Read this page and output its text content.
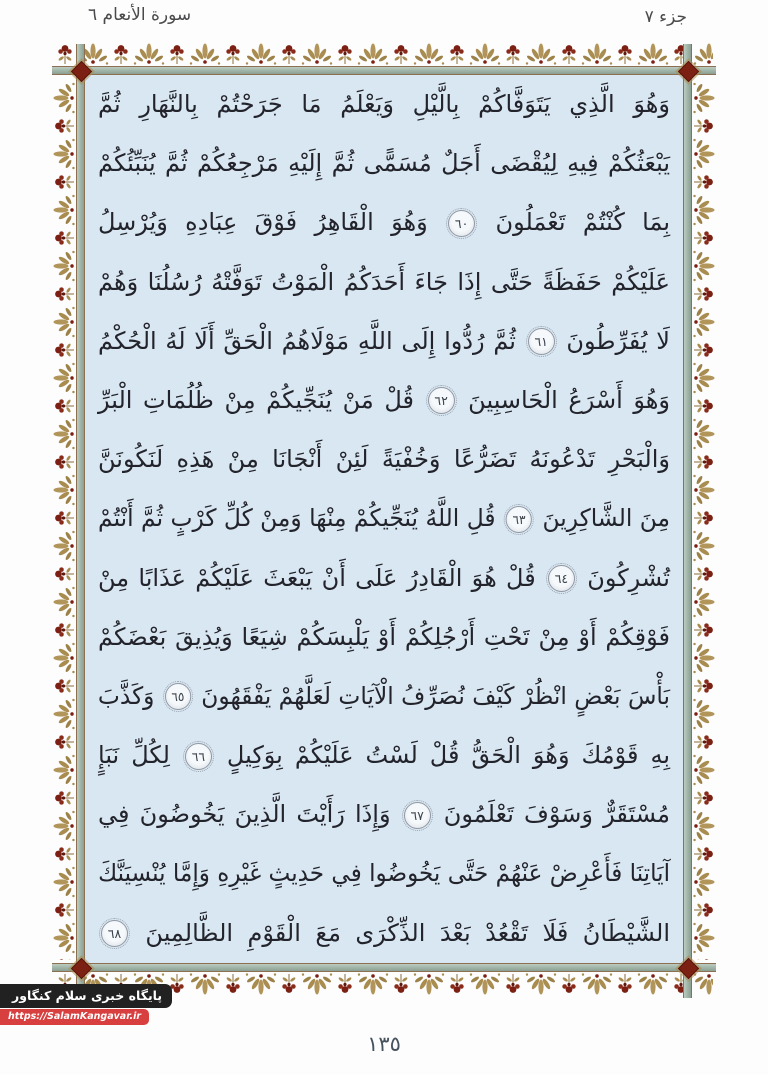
سورة الأنعام ٦	جزء ٧
وَهُوَ الَّذِي يَتَوَفَّاكُمْ بِالَّيْلِ وَيَعْلَمُ مَا جَرَحْتُمْ بِالنَّهَارِ ثُمَّ
يَبْعَثُكُمْ فِيهِ لِيُقْضَى أَجَلٌ مُسَمًّى ثُمَّ إِلَيْهِ مَرْجِعُكُمْ ثُمَّ يُنَبِّئُكُمْ
بِمَا كُنْتُمْ تَعْمَلُونَ ٦٠ وَهُوَ الْقَاهِرُ فَوْقَ عِبَادِهِ وَيُرْسِلُ
عَلَيْكُمْ حَفَظَةً حَتَّى إِذَا جَاءَ أَحَدَكُمُ الْمَوْتُ تَوَفَّتْهُ رُسُلُنَا وَهُمْ
لَا يُفَرِّطُونَ ٦١ ثُمَّ رُدُّوا إِلَى اللَّهِ مَوْلَاهُمُ الْحَقِّ أَلَا لَهُ الْحُكْمُ
وَهُوَ أَسْرَعُ الْحَاسِبِينَ ٦٢ قُلْ مَنْ يُنَجِّيكُمْ مِنْ ظُلُمَاتِ الْبَرِّ
وَالْبَحْرِ تَدْعُونَهُ تَضَرُّعًا وَخُفْيَةً لَئِنْ أَنْجَانَا مِنْ هَذِهِ لَنَكُونَنَّ
مِنَ الشَّاكِرِينَ ٦٣ قُلِ اللَّهُ يُنَجِّيكُمْ مِنْهَا وَمِنْ كُلِّ كَرْبٍ ثُمَّ أَنْتُمْ
تُشْرِكُونَ ٦٤ قُلْ هُوَ الْقَادِرُ عَلَى أَنْ يَبْعَثَ عَلَيْكُمْ عَذَابًا مِنْ
فَوْقِكُمْ أَوْ مِنْ تَحْتِ أَرْجُلِكُمْ أَوْ يَلْبِسَكُمْ شِيَعًا وَيُذِيقَ بَعْضَكُمْ
بَأْسَ بَعْضٍ انْظُرْ كَيْفَ نُصَرِّفُ الْآيَاتِ لَعَلَّهُمْ يَفْقَهُونَ ٦٥ وَكَذَّبَ
بِهِ قَوْمُكَ وَهُوَ الْحَقُّ قُلْ لَسْتُ عَلَيْكُمْ بِوَكِيلٍ ٦٦ لِكُلِّ نَبَإٍ
مُسْتَقَرٌّ وَسَوْفَ تَعْلَمُونَ ٦٧ وَإِذَا رَأَيْتَ الَّذِينَ يَخُوضُونَ فِي
آيَاتِنَا فَأَعْرِضْ عَنْهُمْ حَتَّى يَخُوضُوا فِي حَدِيثٍ غَيْرِهِ وَإِمَّا يُنْسِيَنَّكَ
الشَّيْطَانُ فَلَا تَقْعُدْ بَعْدَ الذِّكْرَى مَعَ الْقَوْمِ الظَّالِمِينَ ٦٨
پایگاه خبری سلام کنگاور
https://SalamKangavar.ir
١٣٥
